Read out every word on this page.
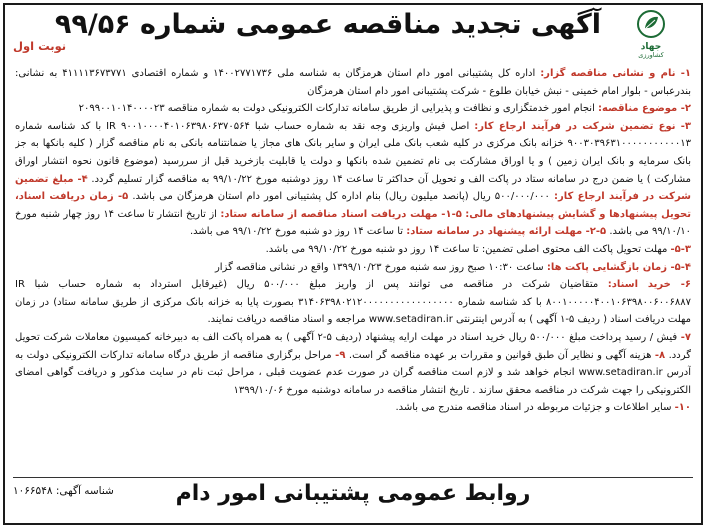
جهاد
کشاورزی
آگهی تجدید مناقصه عمومی شماره ۹۹/۵۶
نوبت اول

۱- نام و نشانی مناقصه گزار: اداره کل پشتیبانی امور دام استان هرمزگان به شناسه ملی ۱۴۰۰۲۷۷۱۷۳۶ و شماره اقتصادی ۴۱۱۱۱۳۶۷۳۷۷۱ به نشانی: بندرعباس - بلوار امام خمینی - نبش خیابان طلوع - شرکت پشتیبانی امور دام استان هرمزگان

۲- موضوع مناقصه: انجام امور خدمتگزاری و نظافت و پذیرایی از طریق سامانه تدارکات الکترونیکی دولت به شماره مناقصه ۲۰۹۹۰۰۱۰۱۴۰۰۰۰۲۳

۳- نوع تضمین شرکت در فرآیند ارجاع کار: اصل فیش واریزی وجه نقد به شماره حساب شبا IR ۹۰۰۱۰۰۰۰۴۰۱۰۶۳۹۸۰۶۳۷۰۵۶۴ با کد شناسه شماره ۹۰۰۳۰۳۹۶۳۱۰۰۰۰۰۰۰۰۰۰۰۱۳ خزانه بانک مرکزی در کلیه شعب بانک ملی ایران و سایر بانک های مجاز یا ضمانتنامه بانکی به نام مناقصه گزار ( کلیه بانکها به جز بانک سرمایه و بانک ایران زمین ) و یا اوراق مشارکت بی نام تضمین شده بانکها و دولت یا قابلیت بازخرید قبل از سررسید (موضوع قانون نحوه انتشار اوراق مشارکت ) یا ضمن درج در سامانه ستاد در پاکت الف و تحویل آن حداکثر تا ساعت ۱۴ روز دوشنبه مورخ ۹۹/۱۰/۲۲ به مناقصه گزار تسلیم گردد. ۴- مبلغ تضمین شرکت در فرآیند ارجاع کار: ۵۰۰/۰۰۰/۰۰۰ ریال (پانصد میلیون ریال) بنام اداره کل پشتیبانی امور دام استان هرمزگان می باشد. ۵- زمان دریافت اسناد، تحویل پیشنهادها و گشایش پیشنهادهای مالی: ۵-۱- مهلت دریافت اسناد مناقصه از سامانه ستاد: از تاریخ انتشار تا ساعت ۱۴ روز چهار شنبه مورخ ۹۹/۱۰/۱۰ می باشد. ۵-۲- مهلت ارائه پیشنهاد در سامانه ستاد: تا ساعت ۱۴ روز دو شنبه مورخ ۹۹/۱۰/۲۲ می باشد.

۵-۳- مهلت تحویل پاکت الف محتوی اصلی تضمین: تا ساعت ۱۴ روز دو شنبه مورخ ۹۹/۱۰/۲۲ می باشد.

۵-۴- زمان بازگشایی پاکت ها: ساعت ۱۰:۳۰ صبح روز سه شنبه مورخ ۱۳۹۹/۱۰/۲۳ واقع در نشانی مناقصه گزار

۶- خرید اسناد: متقاضیان شرکت در مناقصه می توانند پس از واریز مبلغ ۵۰۰/۰۰۰ ریال (غیرقابل استرداد به شماره حساب شبا IR ۸۰۰۱۰۰۰۰۰۴۰۰۱۰۶۳۹۸۰۰۶۰۰۶۸۸۷ با کد شناسه شماره ۳۱۴۰۶۳۹۸۰۲۱۲۰۰۰۰۰۰۰۰۰۰۰۰۰۰۰۰۰ بصورت پایا به خزانه بانک مرکزی از طریق سامانه ستاد) در زمان مهلت دریافت اسناد ( ردیف ۵-۱ آگهی ) به آدرس اینترنتی www.setadiran.ir مراجعه و اسناد مناقصه دریافت نمایند.

۷- فیش / رسید پرداخت مبلغ ۵۰۰/۰۰۰ ریال خرید اسناد در مهلت ارایه پیشنهاد (ردیف ۵-۲ آگهی ) به همراه پاکت الف به دبیرخانه کمیسیون معاملات شرکت تحویل گردد. ۸- هزینه آگهی و نظایر آن طبق قوانین و مقررات بر عهده مناقصه گر است. ۹- مراحل برگزاری مناقصه از طریق درگاه سامانه تدارکات الکترونیکی دولت به آدرس www.setadiran.ir انجام خواهد شد و لازم است مناقصه گران در صورت عدم عضویت قبلی ، مراحل ثبت نام در سایت مذکور و دریافت گواهی امضای الکترونیکی را جهت شرکت در مناقصه محقق سازند . تاریخ انتشار مناقصه در سامانه دوشنبه مورخ ۱۳۹۹/۱۰/۰۶

۱۰- سایر اطلاعات و جزئیات مربوطه در اسناد مناقصه مندرج می باشد.

روابط عمومی پشتیبانی امور دام
شناسه آگهی: ۱۰۶۶۵۴۸
